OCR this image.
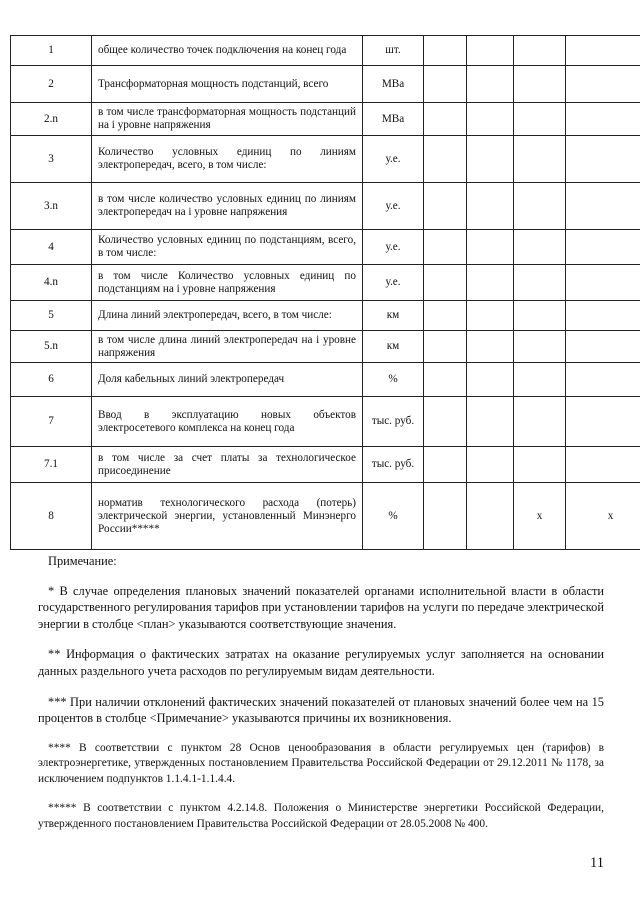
1	общее количество точек подключения на конец года	шт.				
2	Трансформаторная мощность подстанций, всего	МВа				
2.n	в том числе трансформаторная мощность подстанций на i уровне напряжения	МВа				
3	Количество условных единиц по линиям электропередач, всего, в том числе:	у.е.				
3.n	в том числе количество условных единиц по линиям электропередач на i уровне напряжения	у.е.				
4	Количество условных единиц по подстанциям, всего, в том числе:	у.е.				
4.n	в том числе Количество условных единиц по подстанциям на i уровне напряжения	у.е.				
5	Длина линий электропередач, всего, в том числе:	км				
5.n	в том числе длина линий электропередач на i уровне напряжения	км				
6	Доля кабельных линий электропередач	%				
7	Ввод в эксплуатацию новых объектов электросетевого комплекса на конец года	тыс. руб.				
7.1	в том числе за счет платы за технологическое присоединение	тыс. руб.				
8	норматив технологического расхода (потерь) электрической энергии, установленный Минэнерго России*****	%			x	x
Примечание:

* В случае определения плановых значений показателей органами исполнительной власти в области государственного регулирования тарифов при установлении тарифов на услуги по передаче электрической энергии в столбце <план> указываются соответствующие значения.

** Информация о фактических затратах на оказание регулируемых услуг заполняется на основании данных раздельного учета расходов по регулируемым видам деятельности.

*** При наличии отклонений фактических значений показателей от плановых значений более чем на 15 процентов в столбце <Примечание> указываются причины их возникновения.

**** В соответствии с пунктом 28 Основ ценообразования в области регулируемых цен (тарифов) в электроэнергетике, утвержденных постановлением Правительства Российской Федерации от 29.12.2011 № 1178, за исключением подпунктов 1.1.4.1-1.1.4.4.

***** В соответствии с пунктом 4.2.14.8. Положения о Министерстве энергетики Российской Федерации, утвержденного постановлением Правительства Российской Федерации от 28.05.2008 № 400.

11
